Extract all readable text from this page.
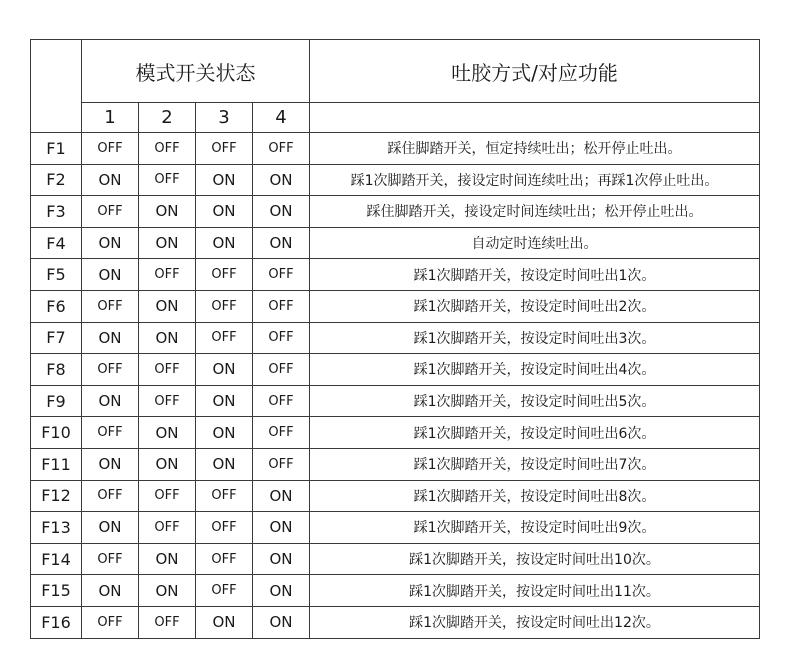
	模式开关状态				吐胶方式/对应功能
	1	2	3	4	
F1	OFF	OFF	OFF	OFF	踩住脚踏开关，恒定持续吐出；松开停止吐出。
F2	ON	OFF	ON	ON	踩1次脚踏开关，接设定时间连续吐出；再踩1次停止吐出。
F3	OFF	ON	ON	ON	踩住脚踏开关，接设定时间连续吐出；松开停止吐出。
F4	ON	ON	ON	ON	自动定时连续吐出。
F5	ON	OFF	OFF	OFF	踩1次脚踏开关，按设定时间吐出1次。
F6	OFF	ON	OFF	OFF	踩1次脚踏开关，按设定时间吐出2次。
F7	ON	ON	OFF	OFF	踩1次脚踏开关，按设定时间吐出3次。
F8	OFF	OFF	ON	OFF	踩1次脚踏开关，按设定时间吐出4次。
F9	ON	OFF	ON	OFF	踩1次脚踏开关，按设定时间吐出5次。
F10	OFF	ON	ON	OFF	踩1次脚踏开关，按设定时间吐出6次。
F11	ON	ON	ON	OFF	踩1次脚踏开关，按设定时间吐出7次。
F12	OFF	OFF	OFF	ON	踩1次脚踏开关，按设定时间吐出8次。
F13	ON	OFF	OFF	ON	踩1次脚踏开关，按设定时间吐出9次。
F14	OFF	ON	OFF	ON	踩1次脚踏开关，按设定时间吐出10次。
F15	ON	ON	OFF	ON	踩1次脚踏开关，按设定时间吐出11次。
F16	OFF	OFF	ON	ON	踩1次脚踏开关，按设定时间吐出12次。
